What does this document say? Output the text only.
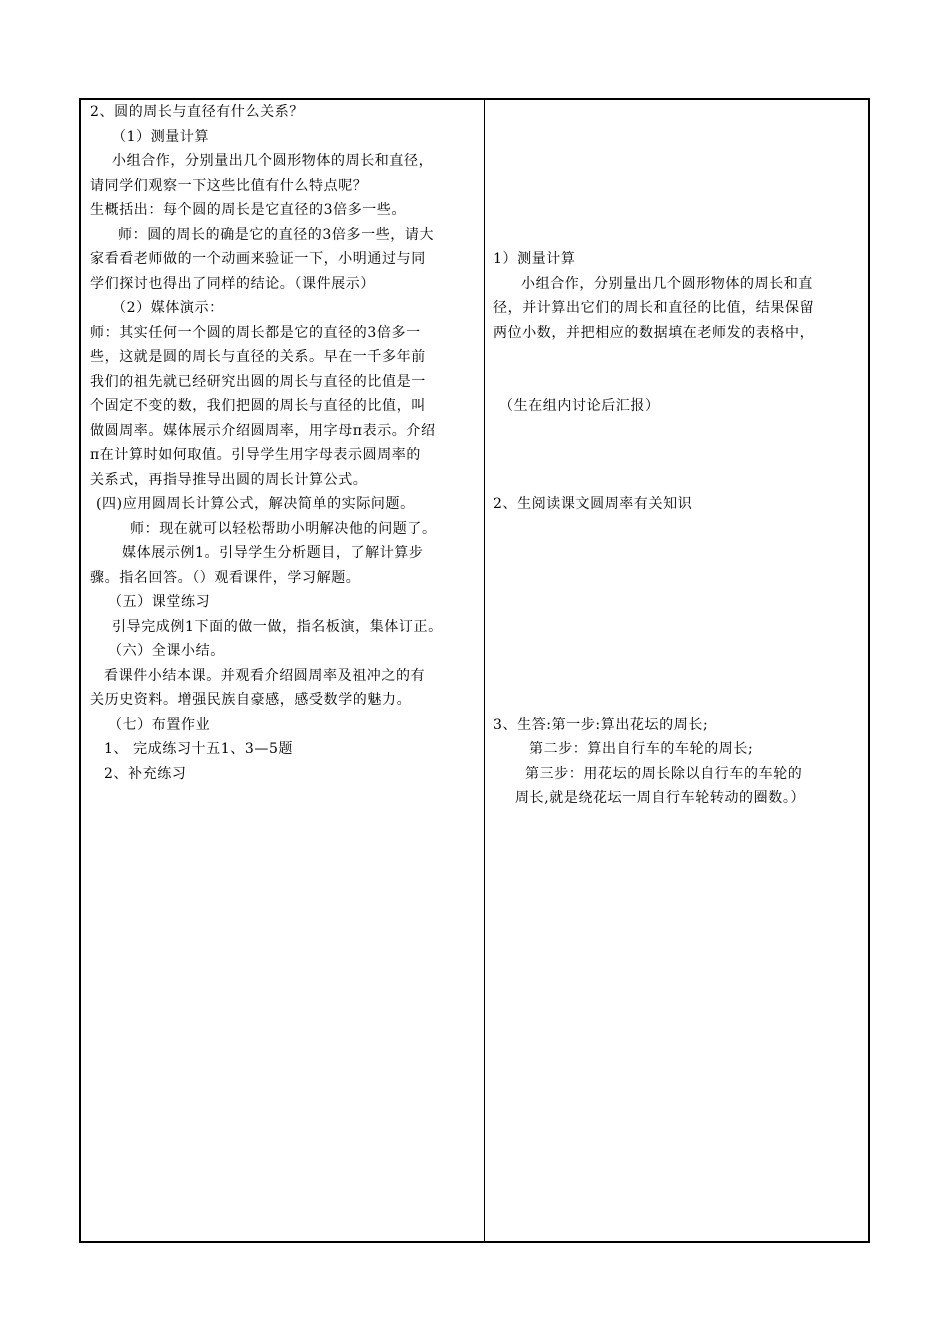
2、圆的周长与直径有什么关系？
（1）测量计算
小组合作，分别量出几个圆形物体的周长和直径，
请同学们观察一下这些比值有什么特点呢？
生概括出：每个圆的周长是它直径的3倍多一些。
师：圆的周长的确是它的直径的3倍多一些，请大
家看看老师做的一个动画来验证一下，小明通过与同
学们探讨也得出了同样的结论。（课件展示）
（2）媒体演示：
师：其实任何一个圆的周长都是它的直径的3倍多一
些，这就是圆的周长与直径的关系。早在一千多年前
我们的祖先就已经研究出圆的周长与直径的比值是一
个固定不变的数，我们把圆的周长与直径的比值，叫
做圆周率。媒体展示介绍圆周率，用字母π表示。介绍
π在计算时如何取值。引导学生用字母表示圆周率的
关系式，再指导推导出圆的周长计算公式。
(四)应用圆周长计算公式，解决简单的实际问题。
师：现在就可以轻松帮助小明解决他的问题了。
媒体展示例1。引导学生分析题目，了解计算步
骤。指名回答。（）观看课件，学习解题。
（五）课堂练习
引导完成例1下面的做一做，指名板演，集体订正。
（六）全课小结。
看课件小结本课。并观看介绍圆周率及祖冲之的有
关历史资料。增强民族自豪感，感受数学的魅力。
（七）布置作业
1、 完成练习十五1、3—5题
2、补充练习
1）测量计算
小组合作，分别量出几个圆形物体的周长和直
径，并计算出它们的周长和直径的比值，结果保留
两位小数，并把相应的数据填在老师发的表格中，
（生在组内讨论后汇报）
2、生阅读课文圆周率有关知识
3、生答:第一步:算出花坛的周长;
第二步：算出自行车的车轮的周长;
第三步：用花坛的周长除以自行车的车轮的
周长,就是绕花坛一周自行车轮转动的圈数。）
